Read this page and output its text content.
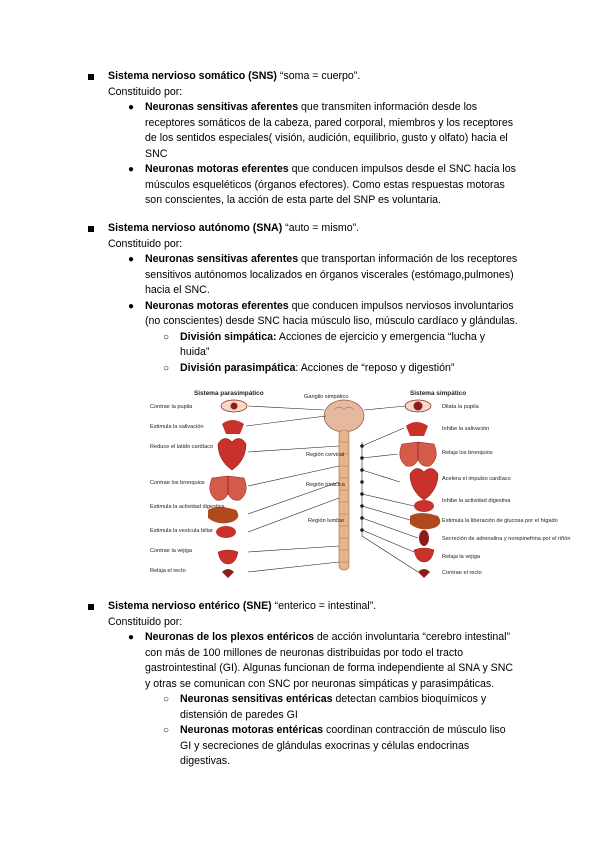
Sistema nervioso somático (SNS) “soma = cuerpo”.
Constituido por:
● Neuronas sensitivas aferentes que transmiten información desde los receptores somáticos de la cabeza, pared corporal, miembros y los receptores de los sentidos especiales( visión, audición, equilibrio, gusto y olfato) hacia el SNC
● Neuronas motoras eferentes que conducen impulsos desde el SNC hacia los músculos esqueléticos (órganos efectores). Como estas respuestas motoras son conscientes, la acción de esta parte del SNP es voluntaria.
Sistema nervioso autónomo (SNA) “auto = mismo”.
Constituido por:
● Neuronas sensitivas aferentes que transportan información de los receptores sensitivos autónomos localizados en órganos viscerales (estómago,pulmones) hacia el SNC.
● Neuronas motoras eferentes que conducen impulsos nerviosos involuntarios (no conscientes) desde SNC hacia músculo liso, músculo cardíaco y glándulas.
○ División simpática: Acciones de ejercicio y emergencia “lucha y huida”
○ División parasimpática: Acciones de “reposo y digestión”
Sistema parasimpático	Sistema simpático
Ganglio simpático
Región cervical
Región torácica
Región lumbar
Contrae la pupila
Estimula la salivación
Reduce el latido cardíaco
Contrae los bronquios
Estimula la actividad digestiva
Estimula la vesícula biliar
Contrae la vejiga
Relaja el recto
Dilata la pupila
Inhibe la salivación
Relaja los bronquios
Acelera el impulso cardíaco
Inhibe la actividad digestiva
Estimula la liberación de glucosa por el hígado
Secreción de adrenalina y norepinefrina por el riñón
Relaja la vejiga
Contrae el recto
Sistema nervioso entérico (SNE) “enterico = intestinal”.
Constituido por:
● Neuronas de los plexos entéricos de acción involuntaria “cerebro intestinal” con más de 100 millones de neuronas distribuidas por todo el tracto gastrointestinal (GI). Algunas funcionan de forma independiente al SNA y SNC y otras se comunican con SNC por neuronas simpáticas y parasimpáticas.
○ Neuronas sensitivas entéricas detectan cambios bioquímicos y distensión de paredes GI
○ Neuronas motoras entéricas coordinan contracción de músculo liso GI y secreciones de glándulas exocrinas y células endocrinas digestivas.
